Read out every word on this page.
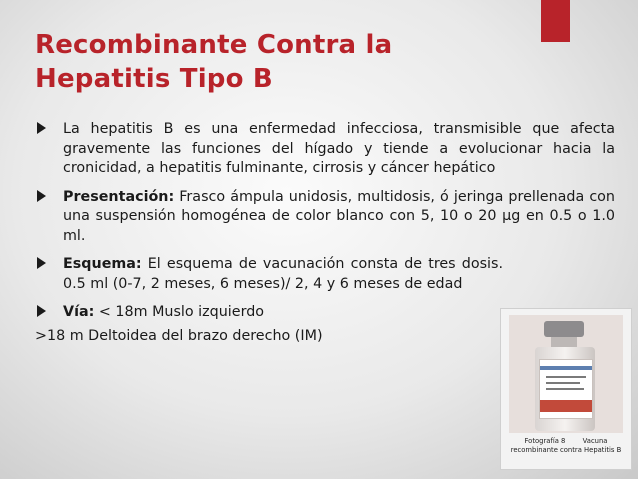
Recombinante Contra la
Hepatitis Tipo B

La hepatitis B es una enfermedad infecciosa, transmisible que afecta gravemente las funciones del hígado y tiende a evolucionar hacia la cronicidad, a hepatitis fulminante, cirrosis y cáncer hepático

Presentación: Frasco ámpula unidosis, multidosis, ó jeringa prellenada con una suspensión homogénea de color blanco con 5, 10 o 20 µg en 0.5 o 1.0 ml.

Esquema: El esquema de vacunación consta de tres dosis. 0.5 ml (0-7, 2 meses, 6 meses)/ 2, 4 y 6 meses de edad

Vía: < 18m Muslo izquierdo

>18 m Deltoidea del brazo derecho (IM)

Fotografía 8        Vacuna
recombinante contra Hepatitis B
